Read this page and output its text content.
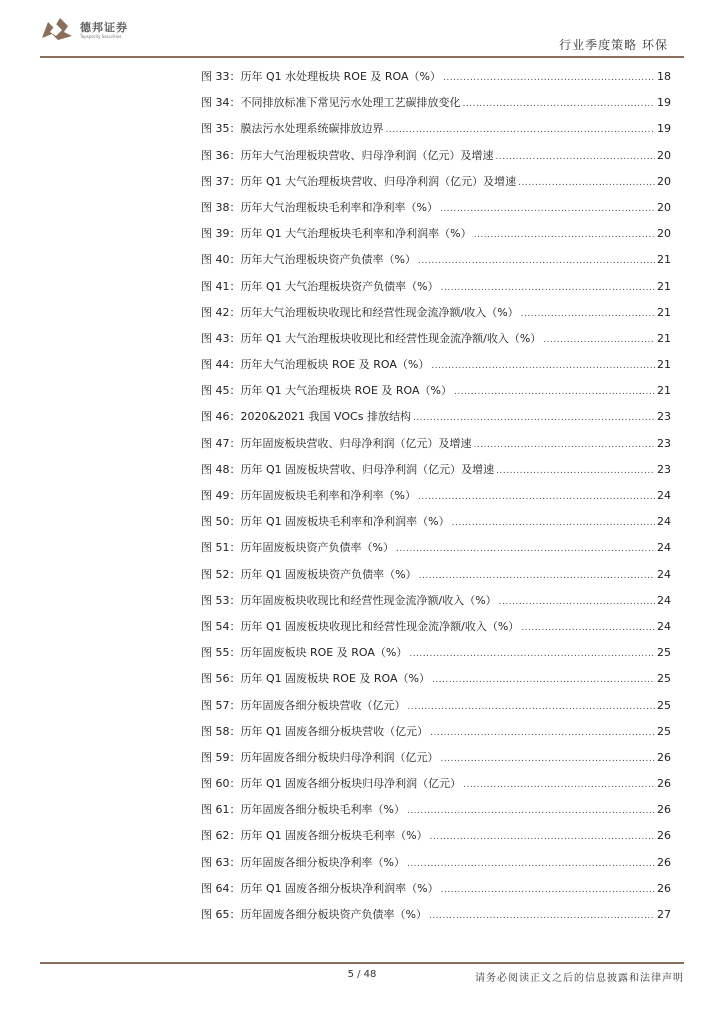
德邦证券
Topsperity Securities
行业季度策略 环保
图 33：历年 Q1 水处理板块 ROE 及 ROA（%） .....	18
图 34：不同排放标准下常见污水处理工艺碳排放变化 .....	19
图 35：膜法污水处理系统碳排放边界 .....	19
图 36：历年大气治理板块营收、归母净利润（亿元）及增速 .....	20
图 37：历年 Q1 大气治理板块营收、归母净利润（亿元）及增速 .....	20
图 38：历年大气治理板块毛利率和净利率（%） .....	20
图 39：历年 Q1 大气治理板块毛利率和净利润率（%） .....	20
图 40：历年大气治理板块资产负债率（%） .....	21
图 41：历年 Q1 大气治理板块资产负债率（%） .....	21
图 42：历年大气治理板块收现比和经营性现金流净额/收入（%） .....	21
图 43：历年 Q1 大气治理板块收现比和经营性现金流净额/收入（%） .....	21
图 44：历年大气治理板块 ROE 及 ROA（%） .....	21
图 45：历年 Q1 大气治理板块 ROE 及 ROA（%） .....	21
图 46：2020&2021 我国 VOCs 排放结构 .....	23
图 47：历年固废板块营收、归母净利润（亿元）及增速 .....	23
图 48：历年 Q1 固废板块营收、归母净利润（亿元）及增速 .....	23
图 49：历年固废板块毛利率和净利率（%） .....	24
图 50：历年 Q1 固废板块毛利率和净利润率（%） .....	24
图 51：历年固废板块资产负债率（%） .....	24
图 52：历年 Q1 固废板块资产负债率（%） .....	24
图 53：历年固废板块收现比和经营性现金流净额/收入（%） .....	24
图 54：历年 Q1 固废板块收现比和经营性现金流净额/收入（%） .....	24
图 55：历年固废板块 ROE 及 ROA（%） .....	25
图 56：历年 Q1 固废板块 ROE 及 ROA（%） .....	25
图 57：历年固废各细分板块营收（亿元） .....	25
图 58：历年 Q1 固废各细分板块营收（亿元） .....	25
图 59：历年固废各细分板块归母净利润（亿元） .....	26
图 60：历年 Q1 固废各细分板块归母净利润（亿元） .....	26
图 61：历年固废各细分板块毛利率（%） .....	26
图 62：历年 Q1 固废各细分板块毛利率（%） .....	26
图 63：历年固废各细分板块净利率（%） .....	26
图 64：历年 Q1 固废各细分板块净利润率（%） .....	26
图 65：历年固废各细分板块资产负债率（%） .....	27
5 / 48	请务必阅读正文之后的信息披露和法律声明
